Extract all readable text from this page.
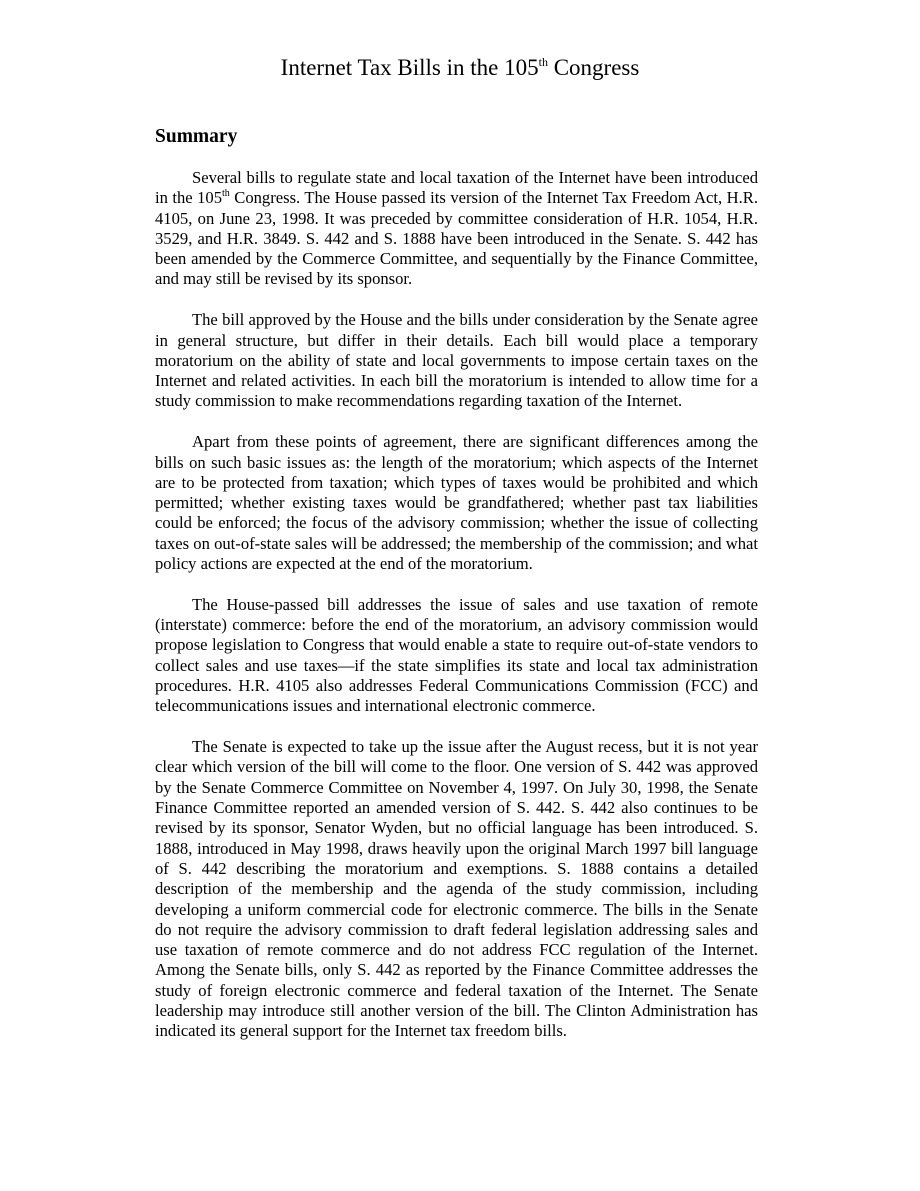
Internet Tax Bills in the 105th Congress
Summary

Several bills to regulate state and local taxation of the Internet have been introduced in the 105th Congress. The House passed its version of the Internet Tax Freedom Act, H.R. 4105, on June 23, 1998. It was preceded by committee consideration of H.R. 1054, H.R. 3529, and H.R. 3849. S. 442 and S. 1888 have been introduced in the Senate. S. 442 has been amended by the Commerce Committee, and sequentially by the Finance Committee, and may still be revised by its sponsor.

The bill approved by the House and the bills under consideration by the Senate agree in general structure, but differ in their details. Each bill would place a temporary moratorium on the ability of state and local governments to impose certain taxes on the Internet and related activities. In each bill the moratorium is intended to allow time for a study commission to make recommendations regarding taxation of the Internet.

Apart from these points of agreement, there are significant differences among the bills on such basic issues as: the length of the moratorium; which aspects of the Internet are to be protected from taxation; which types of taxes would be prohibited and which permitted; whether existing taxes would be grandfathered; whether past tax liabilities could be enforced; the focus of the advisory commission; whether the issue of collecting taxes on out-of-state sales will be addressed; the membership of the commission; and what policy actions are expected at the end of the moratorium.

The House-passed bill addresses the issue of sales and use taxation of remote (interstate) commerce: before the end of the moratorium, an advisory commission would propose legislation to Congress that would enable a state to require out-of-state vendors to collect sales and use taxes—if the state simplifies its state and local tax administration procedures. H.R. 4105 also addresses Federal Communications Commission (FCC) and telecommunications issues and international electronic commerce.

The Senate is expected to take up the issue after the August recess, but it is not year clear which version of the bill will come to the floor. One version of S. 442 was approved by the Senate Commerce Committee on November 4, 1997. On July 30, 1998, the Senate Finance Committee reported an amended version of S. 442. S. 442 also continues to be revised by its sponsor, Senator Wyden, but no official language has been introduced. S. 1888, introduced in May 1998, draws heavily upon the original March 1997 bill language of S. 442 describing the moratorium and exemptions. S. 1888 contains a detailed description of the membership and the agenda of the study commission, including developing a uniform commercial code for electronic commerce. The bills in the Senate do not require the advisory commission to draft federal legislation addressing sales and use taxation of remote commerce and do not address FCC regulation of the Internet. Among the Senate bills, only S. 442 as reported by the Finance Committee addresses the study of foreign electronic commerce and federal taxation of the Internet. The Senate leadership may introduce still another version of the bill. The Clinton Administration has indicated its general support for the Internet tax freedom bills.
